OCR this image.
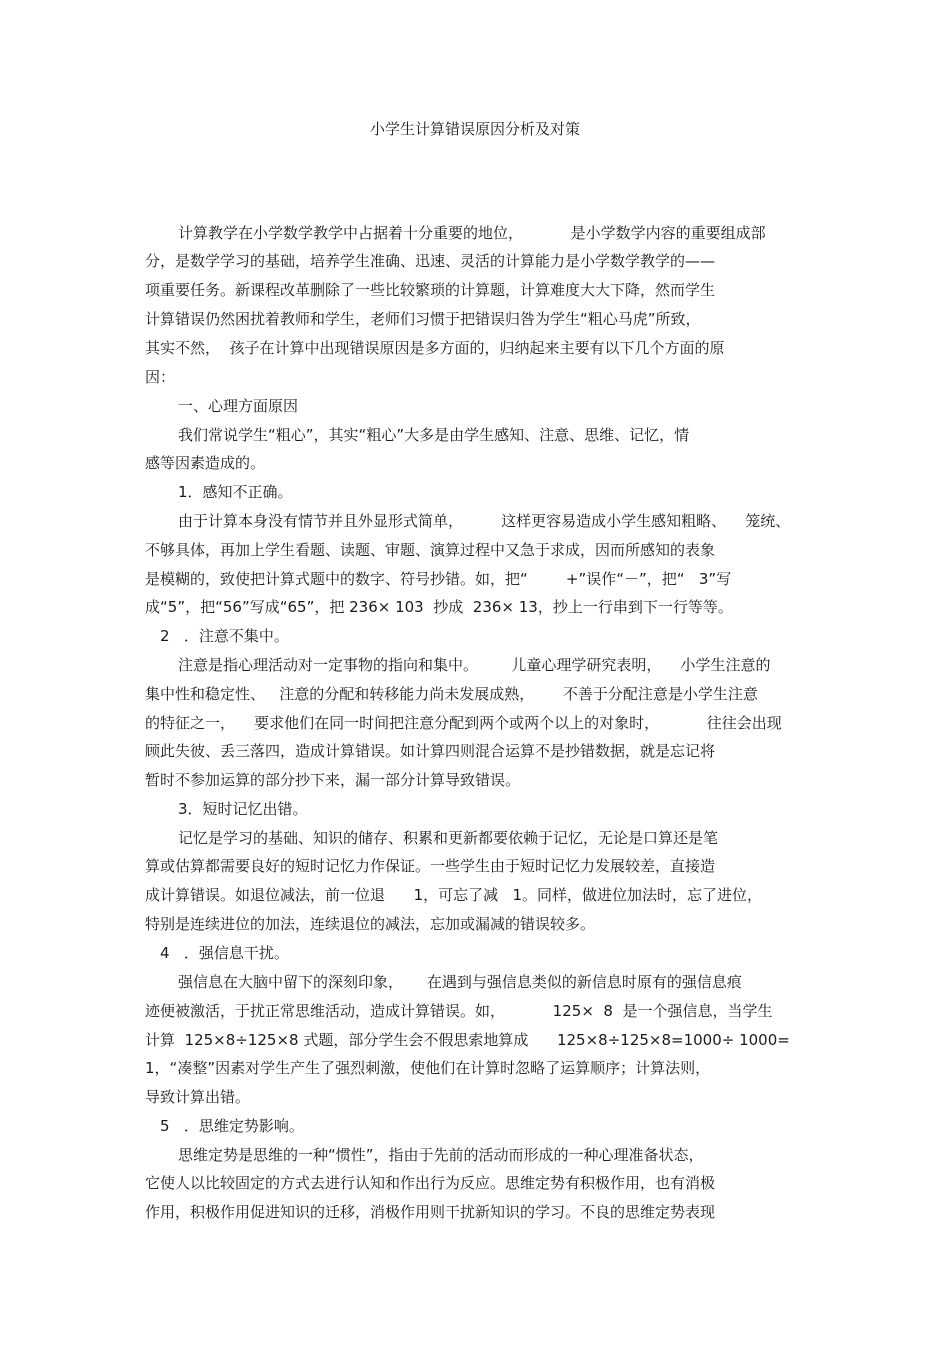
小学生计算错误原因分析及对策
计算教学在小学数学教学中占据着十分重要的地位，          是小学数学内容的重要组成部
分，是数学学习的基础，培养学生准确、迅速、灵活的计算能力是小学数学教学的——
项重要任务。新课程改革删除了一些比较繁琐的计算题，计算难度大大下降，然而学生
计算错误仍然困扰着教师和学生，老师们习惯于把错误归咎为学生“粗心马虎”所致，
其实不然，  孩子在计算中出现错误原因是多方面的，归纳起来主要有以下几个方面的原
因：
一、心理方面原因
我们常说学生“粗心”，其实“粗心”大多是由学生感知、注意、思维、记忆，情
感等因素造成的。
1．感知不正确。
由于计算本身没有情节并且外显形式简单，        这样更容易造成小学生感知粗略、    笼统、
不够具体，再加上学生看题、读题、审题、演算过程中又急于求成，因而所感知的表象
是模糊的，致使把计算式题中的数字、符号抄错。如，把“        +”误作“－”，把“   3”写
成“5”，把“56”写成“65”，把 236× 103  抄成  236× 13，抄上一行串到下一行等等。
2   ．注意不集中。
注意是指心理活动对一定事物的指向和集中。       儿童心理学研究表明，    小学生注意的
集中性和稳定性、   注意的分配和转移能力尚未发展成熟，      不善于分配注意是小学生注意
的特征之一，    要求他们在同一时间把注意分配到两个或两个以上的对象时，          往往会出现
顾此失彼、丢三落四，造成计算错误。如计算四则混合运算不是抄错数据，就是忘记将
暂时不参加运算的部分抄下来，漏一部分计算导致错误。
3．短时记忆出错。
记忆是学习的基础、知识的储存、积累和更新都要依赖于记忆，无论是口算还是笔
算或估算都需要良好的短时记忆力作保证。一些学生由于短时记忆力发展较差，直接造
成计算错误。如退位减法，前一位退      1，可忘了减   1。同样，做进位加法时，忘了进位，
特别是连续进位的加法，连续退位的减法，忘加或漏减的错误较多。
4   ．强信息干扰。
强信息在大脑中留下的深刻印象，     在遇到与强信息类似的新信息时原有的强信息痕
迹便被激活，于扰正常思维活动，造成计算错误。如，          125×  8  是一个强信息，当学生
计算  125×8÷125×8 式题，部分学生会不假思索地算成      125×8÷125×8=1000÷ 1000=
1，“凑整”因素对学生产生了强烈刺激，使他们在计算时忽略了运算顺序；计算法则，
导致计算出错。
5   ．思维定势影响。
思维定势是思维的一种“惯性”，指由于先前的活动而形成的一种心理准备状态，
它使人以比较固定的方式去进行认知和作出行为反应。思维定势有积极作用，也有消极
作用，积极作用促进知识的迁移，消极作用则干扰新知识的学习。不良的思维定势表现
